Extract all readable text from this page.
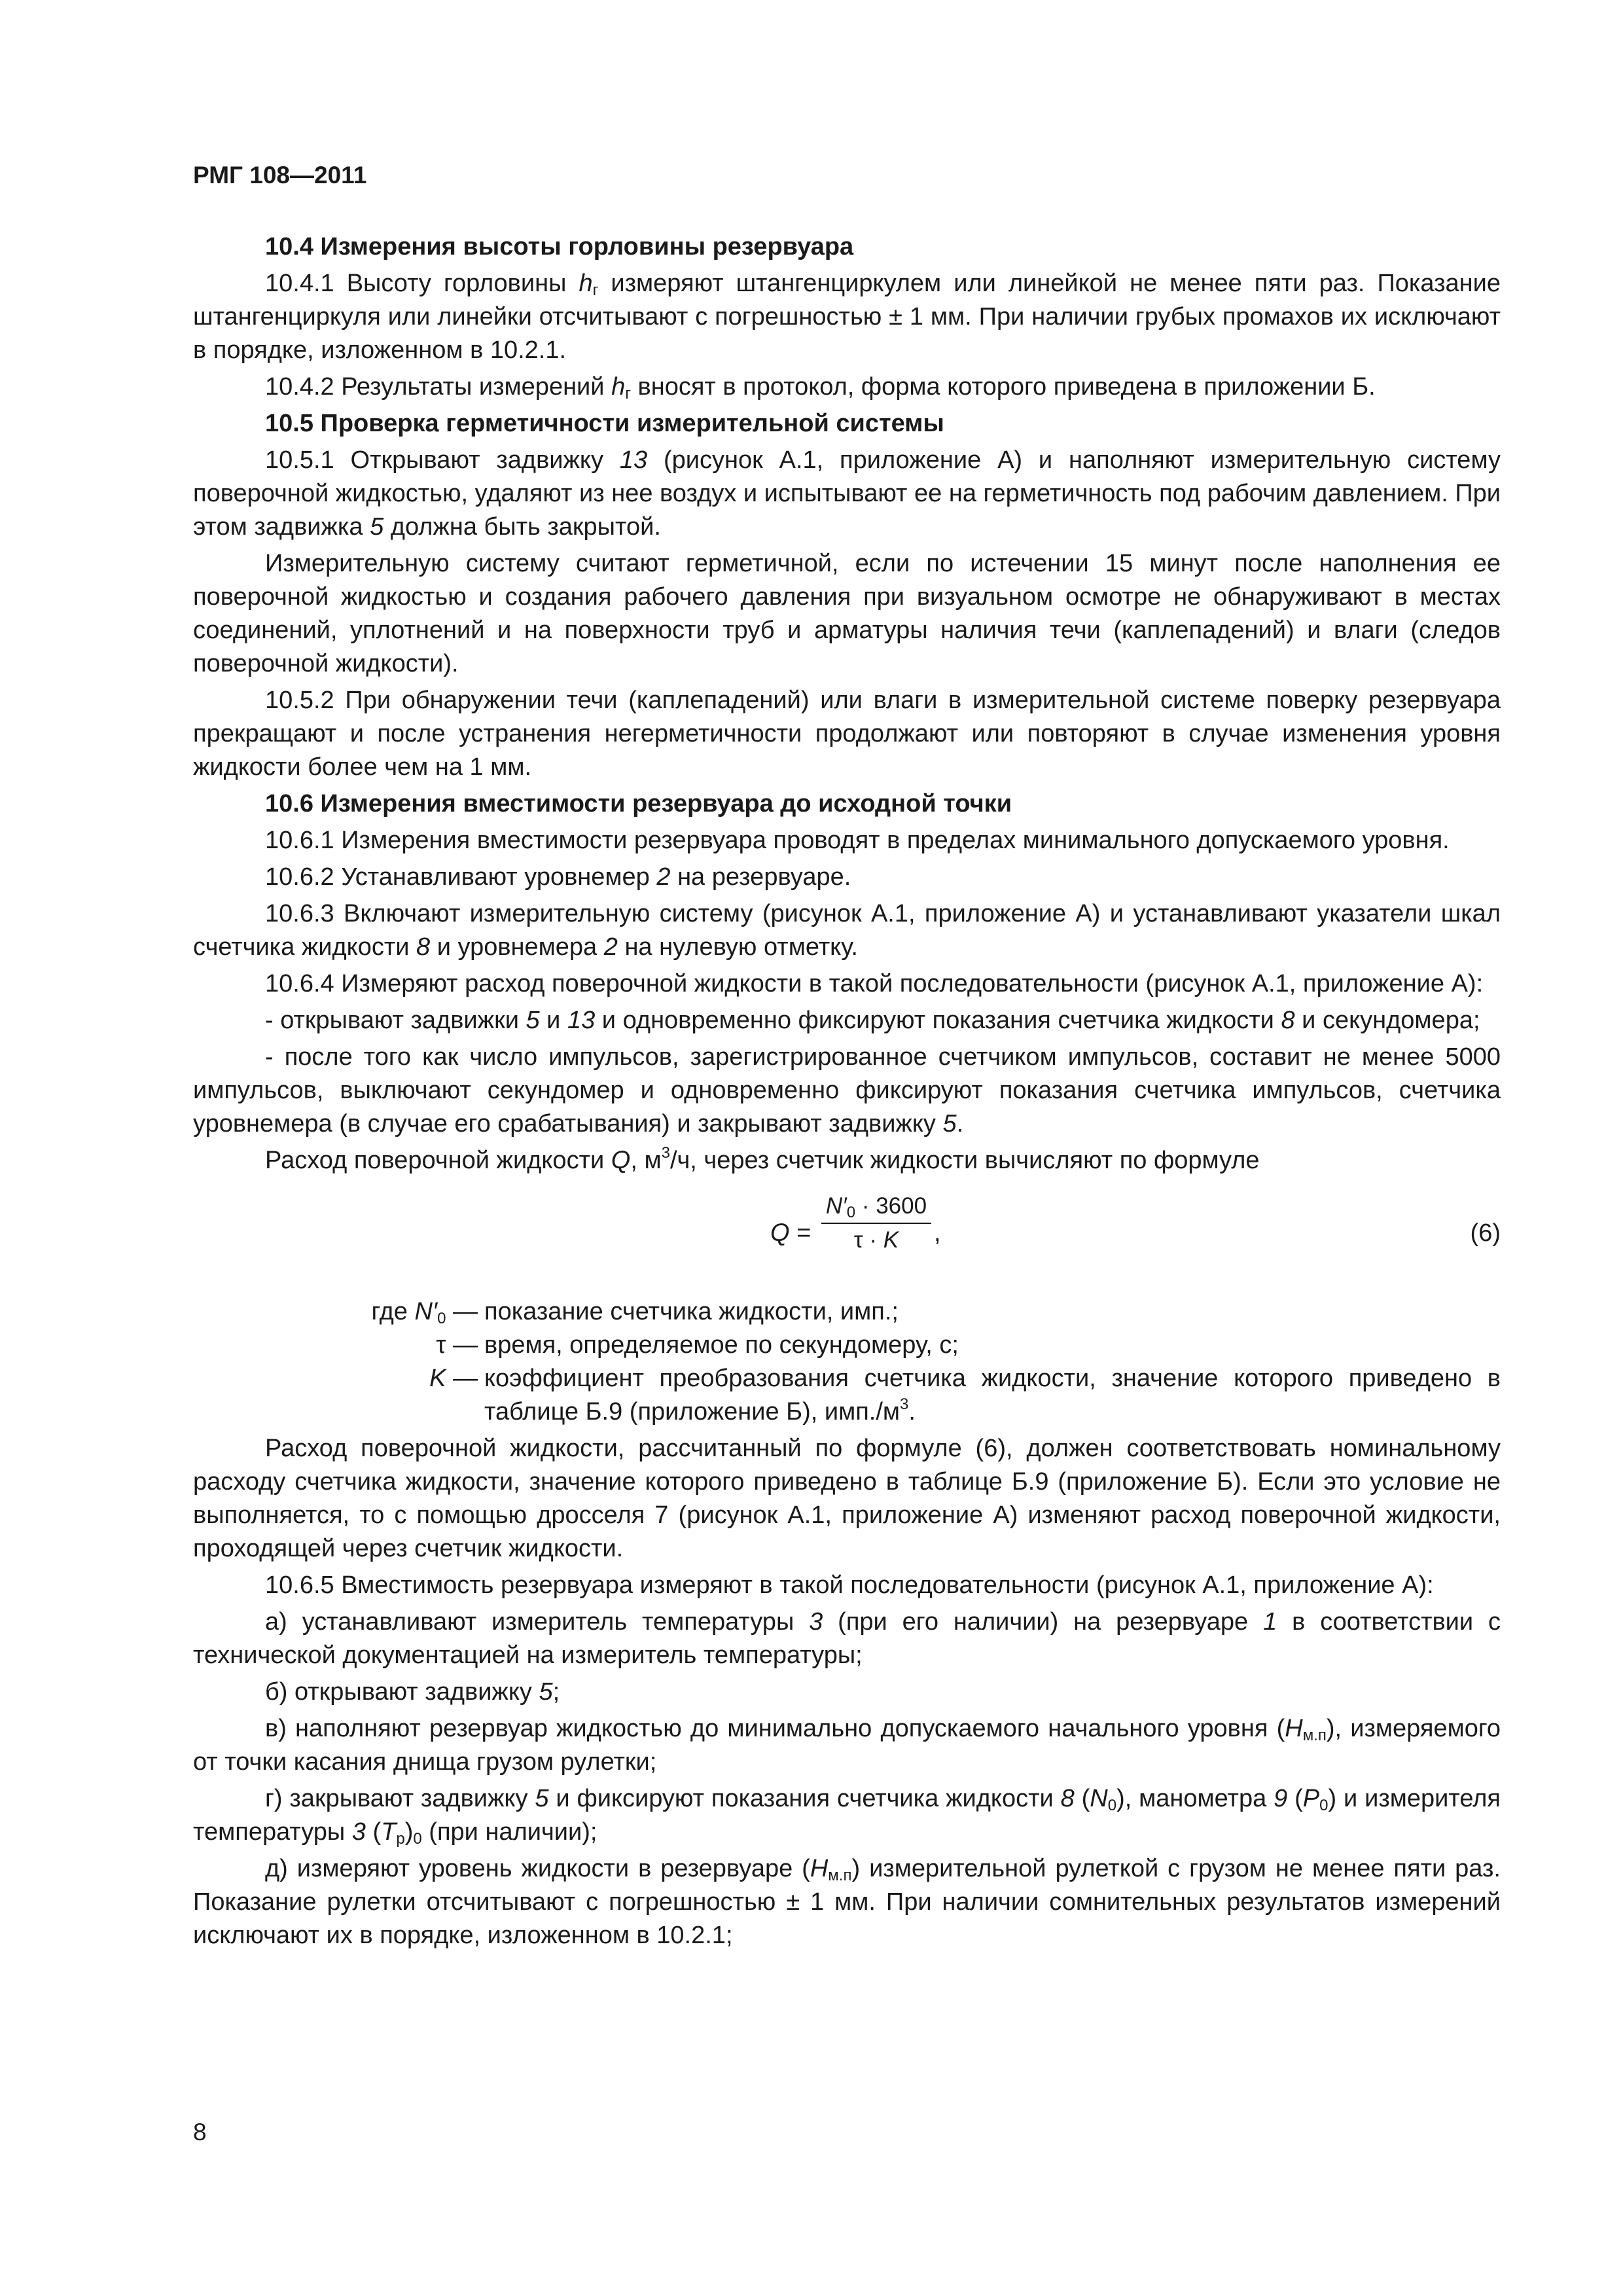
РМГ 108—2011

10.4 Измерения высоты горловины резервуара

10.4.1 Высоту горловины $h_г$ измеряют штангенциркулем или линейкой не менее пяти раз. Показание штангенциркуля или линейки отсчитывают с погрешностью ± 1 мм. При наличии грубых промахов их исключают в порядке, изложенном в 10.2.1.

10.4.2 Результаты измерений $h_г$ вносят в протокол, форма которого приведена в приложении Б.

10.5 Проверка герметичности измерительной системы

10.5.1 Открывают задвижку 13 (рисунок А.1, приложение А) и наполняют измерительную систему поверочной жидкостью, удаляют из нее воздух и испытывают ее на герметичность под рабочим давлением. При этом задвижка 5 должна быть закрытой.

Измерительную систему считают герметичной, если по истечении 15 минут после наполнения ее поверочной жидкостью и создания рабочего давления при визуальном осмотре не обнаруживают в местах соединений, уплотнений и на поверхности труб и арматуры наличия течи (каплепадений) и влаги (следов поверочной жидкости).

10.5.2 При обнаружении течи (каплепадений) или влаги в измерительной системе поверку резервуара прекращают и после устранения негерметичности продолжают или повторяют в случае изменения уровня жидкости более чем на 1 мм.

10.6 Измерения вместимости резервуара до исходной точки

10.6.1 Измерения вместимости резервуара проводят в пределах минимального допускаемого уровня.

10.6.2 Устанавливают уровнемер 2 на резервуаре.

10.6.3 Включают измерительную систему (рисунок А.1, приложение А) и устанавливают указатели шкал счетчика жидкости 8 и уровнемера 2 на нулевую отметку.

10.6.4 Измеряют расход поверочной жидкости в такой последовательности (рисунок А.1, приложение А):

- открывают задвижки 5 и 13 и одновременно фиксируют показания счетчика жидкости 8 и секундомера;

- после того как число импульсов, зарегистрированное счетчиком импульсов, составит не менее 5000 импульсов, выключают секундомер и одновременно фиксируют показания счетчика импульсов, счетчика уровнемера (в случае его срабатывания) и закрывают задвижку 5.

Расход поверочной жидкости Q, $м^3/ч$, через счетчик жидкости вычисляют по формуле

Q =
$N'_0 \cdot 3600$
τ · K	,	(6)
где $N'_0$ — показание счетчика жидкости, имп.;
τ — время, определяемое по секундомеру, с;
K — коэффициент преобразования счетчика жидкости, значение которого приведено в таблице Б.9 (приложение Б), $имп./м^3$.

Расход поверочной жидкости, рассчитанный по формуле (6), должен соответствовать номинальному расходу счетчика жидкости, значение которого приведено в таблице Б.9 (приложение Б). Если это условие не выполняется, то с помощью дросселя 7 (рисунок А.1, приложение А) изменяют расход поверочной жидкости, проходящей через счетчик жидкости.

10.6.5 Вместимость резервуара измеряют в такой последовательности (рисунок А.1, приложение А):

а) устанавливают измеритель температуры 3 (при его наличии) на резервуаре 1 в соответствии с технической документацией на измеритель температуры;

б) открывают задвижку 5;

в) наполняют резервуар жидкостью до минимально допускаемого начального уровня $(H_{м.п})$, измеряемого от точки касания днища грузом рулетки;

г) закрывают задвижку 5 и фиксируют показания счетчика жидкости 8 $(N_0)$, манометра 9 $(P_0)$ и измерителя температуры 3 $(T_р)_0$ (при наличии);

д) измеряют уровень жидкости в резервуаре $(H_{м.п})$ измерительной рулеткой с грузом не менее пяти раз. Показание рулетки отсчитывают с погрешностью ± 1 мм. При наличии сомнительных результатов измерений исключают их в порядке, изложенном в 10.2.1;

8
